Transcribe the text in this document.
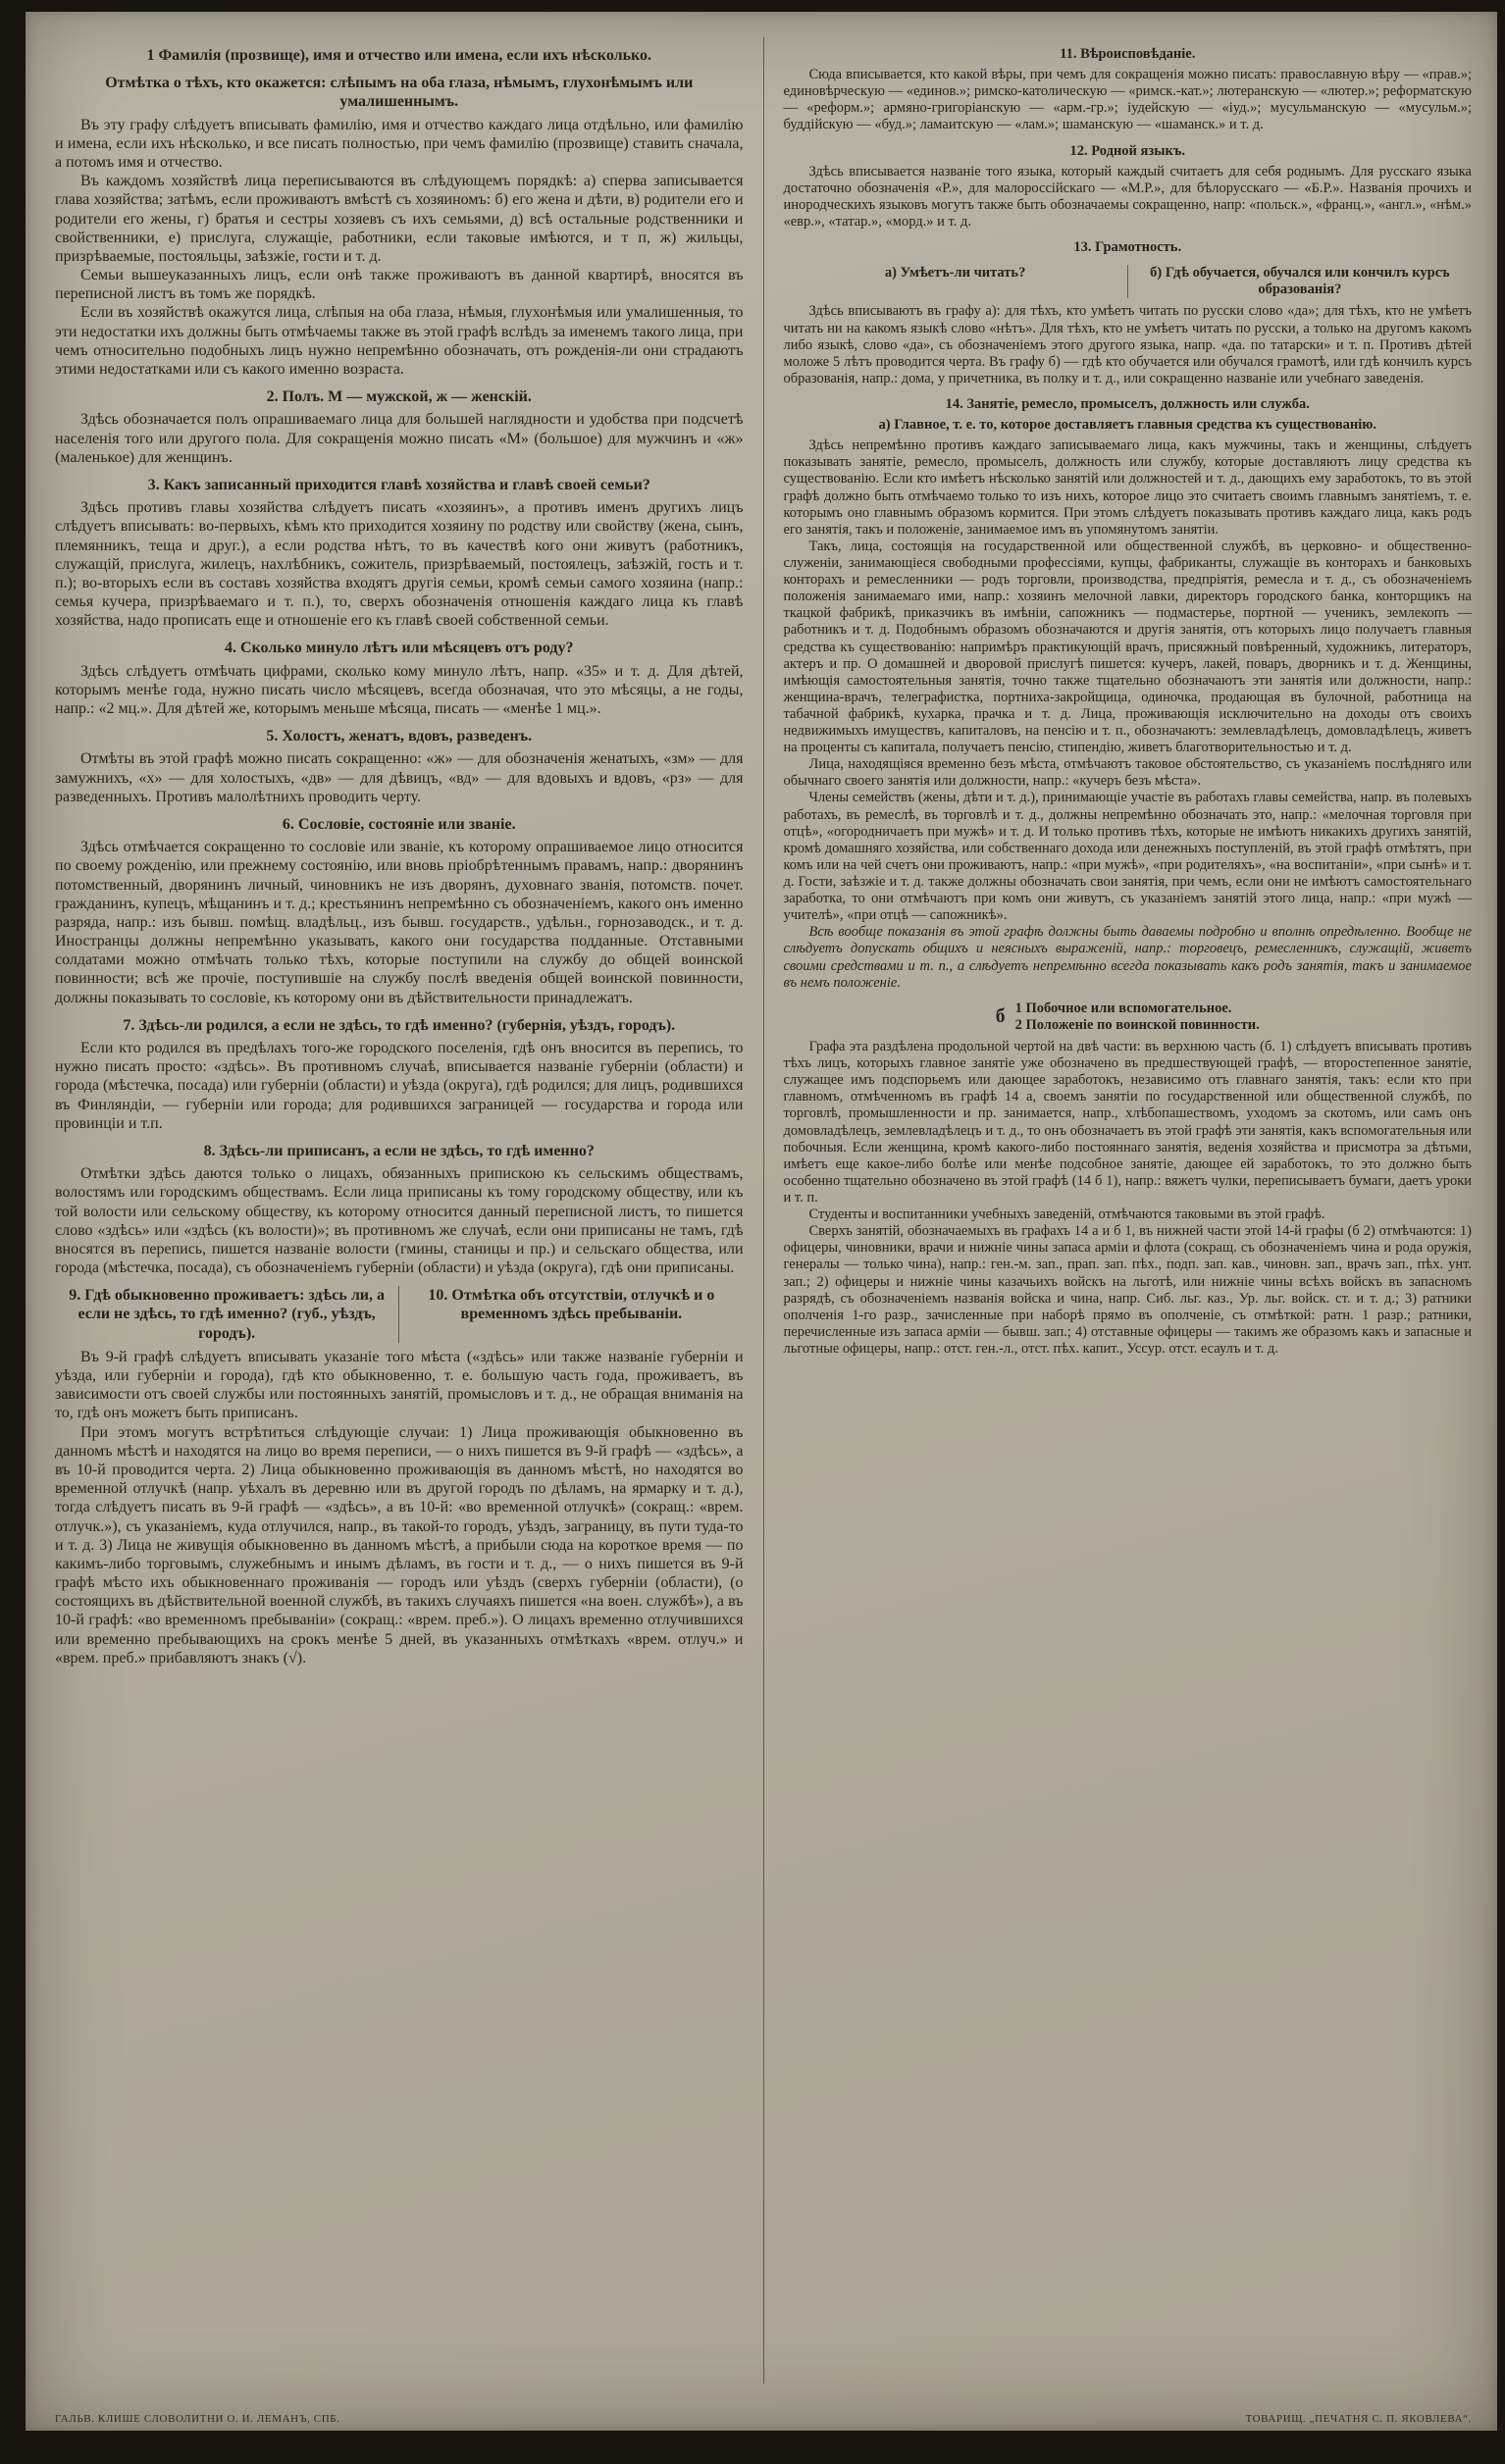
1 Фамилія (прозвище), имя и отчество или имена, если ихъ нѣсколько.
Отмѣтка о тѣхъ, кто окажется: слѣпымъ на оба глаза, нѣмымъ, глухонѣмымъ или умалишеннымъ.

Въ эту графу слѣдуетъ вписывать фамилію, имя и отчество каждаго лица отдѣльно, или фамилію и имена, если ихъ нѣсколько, и все писать полностью, при чемъ фамилію (прозвище) ставить сначала, а потомъ имя и отчество.

Въ каждомъ хозяйствѣ лица переписываются въ слѣдующемъ порядкѣ: а) сперва записывается глава хозяйства; затѣмъ, если проживаютъ вмѣстѣ съ хозяиномъ: б) его жена и дѣти, в) родители его и родители его жены, г) братья и сестры хозяевъ съ ихъ семьями, д) всѣ остальные родственники и свойственники, е) прислуга, служащіе, работники, если таковые имѣются, и т п, ж) жильцы, призрѣваемые, постояльцы, заѣзжіе, гости и т. д.

Семьи вышеуказанныхъ лицъ, если онѣ также проживаютъ въ данной квартирѣ, вносятся въ переписной листъ въ томъ же порядкѣ.

Если въ хозяйствѣ окажутся лица, слѣпыя на оба глаза, нѣмыя, глухонѣмыя или умалишенныя, то эти недостатки ихъ должны быть отмѣчаемы также въ этой графѣ вслѣдъ за именемъ такого лица, при чемъ относительно подобныхъ лицъ нужно непремѣнно обозначать, отъ рожденія-ли они страдаютъ этими недостатками или съ какого именно возраста.

2. Полъ. М — мужской, ж — женскій.

Здѣсь обозначается полъ опрашиваемаго лица для большей наглядности и удобства при подсчетѣ населенія того или другого пола. Для сокращенія можно писать «М» (большое) для мужчинъ и «ж» (маленькое) для женщинъ.

3. Какъ записанный приходится главѣ хозяйства и главѣ своей семьи?

Здѣсь противъ главы хозяйства слѣдуетъ писать «хозяинъ», а противъ именъ другихъ лицъ слѣдуетъ вписывать: во-первыхъ, кѣмъ кто приходится хозяину по родству или свойству (жена, сынъ, племянникъ, теща и друг.), а если родства нѣтъ, то въ качествѣ кого они живутъ (работникъ, служащій, прислуга, жилецъ, нахлѣбникъ, сожитель, призрѣваемый, постоялецъ, заѣзжій, гость и т. п.); во-вторыхъ если въ составъ хозяйства входятъ другія семьи, кромѣ семьи самого хозяина (напр.: семья кучера, призрѣваемаго и т. п.), то, сверхъ обозначенія отношенія каждаго лица къ главѣ хозяйства, надо прописать еще и отношеніе его къ главѣ своей собственной семьи.

4. Сколько минуло лѣтъ или мѣсяцевъ отъ роду?

Здѣсь слѣдуетъ отмѣчать цифрами, сколько кому минуло лѣтъ, напр. «35» и т. д. Для дѣтей, которымъ менѣе года, нужно писать число мѣсяцевъ, всегда обозначая, что это мѣсяцы, а не годы, напр.: «2 мц.». Для дѣтей же, которымъ меньше мѣсяца, писать — «менѣе 1 мц.».

5. Холостъ, женатъ, вдовъ, разведенъ.

Отмѣты въ этой графѣ можно писать сокращенно: «ж» — для обозначенія женатыхъ, «зм» — для замужнихъ, «х» — для холостыхъ, «дв» — для дѣвицъ, «вд» — для вдовыхъ и вдовъ, «рз» — для разведенныхъ. Противъ малолѣтнихъ проводить черту.

6. Сословіе, состояніе или званіе.

Здѣсь отмѣчается сокращенно то сословіе или званіе, къ которому опрашиваемое лицо относится по своему рожденію, или прежнему состоянію, или вновь пріобрѣтеннымъ правамъ, напр.: дворянинъ потомственный, дворянинъ личный, чиновникъ не изъ дворянъ, духовнаго званія, потомств. почет. гражданинъ, купецъ, мѣщанинъ и т. д.; крестьянинъ непремѣнно съ обозначеніемъ, какого онъ именно разряда, напр.: изъ бывш. помѣщ. владѣльц., изъ бывш. государств., удѣльн., горнозаводск., и т. д. Иностранцы должны непремѣнно указывать, какого они государства подданные. Отставными солдатами можно отмѣчать только тѣхъ, которые поступили на службу до общей воинской повинности; всѣ же прочіе, поступившіе на службу послѣ введенія общей воинской повинности, должны показывать то сословіе, къ которому они въ дѣйствительности принадлежатъ.

7. Здѣсь-ли родился, а если не здѣсь, то гдѣ именно? (губернія, уѣздъ, городъ).

Если кто родился въ предѣлахъ того-же городского поселенія, гдѣ онъ вносится въ перепись, то нужно писать просто: «здѣсь». Въ противномъ случаѣ, вписывается названіе губерніи (области) и города (мѣстечка, посада) или губерніи (области) и уѣзда (округа), гдѣ родился; для лицъ, родившихся въ Финляндіи, — губерніи или города; для родившихся заграницей — государства и города или провинціи и т.п.

8. Здѣсь-ли приписанъ, а если не здѣсь, то гдѣ именно?

Отмѣтки здѣсь даются только о лицахъ, обязанныхъ припискою къ сельскимъ обществамъ, волостямъ или городскимъ обществамъ. Если лица приписаны къ тому городскому обществу, или къ той волости или сельскому обществу, къ которому относится данный переписной листъ, то пишется слово «здѣсь» или «здѣсь (къ волости)»; въ противномъ же случаѣ, если они приписаны не тамъ, гдѣ вносятся въ перепись, пишется названіе волости (гмины, станицы и пр.) и сельскаго общества, или города (мѣстечка, посада), съ обозначеніемъ губерніи (области) и уѣзда (округа), гдѣ они приписаны.

9. Гдѣ обыкновенно проживаетъ: здѣсь ли, а если не здѣсь, то гдѣ именно? (губ., уѣздъ, городъ).
10. Отмѣтка объ отсутствіи, отлучкѣ и о временномъ здѣсь пребываніи.

Въ 9-й графѣ слѣдуетъ вписывать указаніе того мѣста («здѣсь» или также названіе губерніи и уѣзда, или губерніи и города), гдѣ кто обыкновенно, т. е. большую часть года, проживаетъ, въ зависимости отъ своей службы или постоянныхъ занятій, промысловъ и т. д., не обращая вниманія на то, гдѣ онъ можетъ быть приписанъ.

При этомъ могутъ встрѣтиться слѣдующіе случаи: 1) Лица проживающія обыкновенно въ данномъ мѣстѣ и находятся на лицо во время переписи, — о нихъ пишется въ 9-й графѣ — «здѣсь», а въ 10-й проводится черта. 2) Лица обыкновенно проживающія въ данномъ мѣстѣ, но находятся во временной отлучкѣ (напр. уѣхалъ въ деревню или въ другой городъ по дѣламъ, на ярмарку и т. д.), тогда слѣдуетъ писать въ 9-й графѣ — «здѣсь», а въ 10-й: «во временной отлучкѣ» (сокращ.: «врем. отлучк.»), съ указаніемъ, куда отлучился, напр., въ такой-то городъ, уѣздъ, заграницу, въ пути туда-то и т. д. 3) Лица не живущія обыкновенно въ данномъ мѣстѣ, а прибыли сюда на короткое время — по какимъ-либо торговымъ, служебнымъ и инымъ дѣламъ, въ гости и т. д., — о нихъ пишется въ 9-й графѣ мѣсто ихъ обыкновеннаго проживанія — городъ или уѣздъ (сверхъ губерніи (области), (о состоящихъ въ дѣйствительной военной службѣ, въ такихъ случаяхъ пишется «на воен. службѣ»), а въ 10-й графѣ: «во временномъ пребываніи» (сокращ.: «врем. преб.»). О лицахъ временно отлучившихся или временно пребывающихъ на срокъ менѣе 5 дней, въ указанныхъ отмѣткахъ «врем. отлуч.» и «врем. преб.» прибавляютъ знакъ (√).

11. Вѣроисповѣданіе.

Сюда вписывается, кто какой вѣры, при чемъ для сокращенія можно писать: православную вѣру — «прав.»; единовѣрческую — «единов.»; римско-католическую — «римск.-кат.»; лютеранскую — «лютер.»; реформатскую — «реформ.»; армяно-григоріанскую — «арм.-гр.»; іудейскую — «іуд.»; мусульманскую — «мусульм.»; буддійскую — «буд.»; ламаитскую — «лам.»; шаманскую — «шаманск.» и т. д.

12. Родной языкъ.

Здѣсь вписывается названіе того языка, который каждый считаетъ для себя роднымъ. Для русскаго языка достаточно обозначенія «Р.», для малороссійскаго — «М.Р.», для бѣлорусскаго — «Б.Р.». Названія прочихъ и инородческихъ языковъ могутъ также быть обозначаемы сокращенно, напр: «польск.», «франц.», «англ.», «нѣм.» «евр.», «татар.», «морд.» и т. д.

13. Грамотность.
а) Умѣетъ-ли читать?	б) Гдѣ обучается, обучался или кончилъ курсъ образованія?

Здѣсь вписываютъ въ графу а): для тѣхъ, кто умѣетъ читать по русски слово «да»; для тѣхъ, кто не умѣетъ читать ни на какомъ языкѣ слово «нѣтъ». Для тѣхъ, кто не умѣетъ читать по русски, а только на другомъ какомъ либо языкѣ, слово «да», съ обозначеніемъ этого другого языка, напр. «да. по татарски» и т. п. Противъ дѣтей моложе 5 лѣтъ проводится черта. Въ графу б) — гдѣ кто обучается или обучался грамотѣ, или гдѣ кончилъ курсъ образованія, напр.: дома, у причетника, въ полку и т. д., или сокращенно названіе или учебнаго заведенія.

14. Занятіе, ремесло, промыселъ, должность или служба.
а) Главное, т. е. то, которое доставляетъ главныя средства къ существованію.

Здѣсь непремѣнно противъ каждаго записываемаго лица, какъ мужчины, такъ и женщины, слѣдуетъ показывать занятіе, ремесло, промыселъ, должность или службу, которые доставляютъ лицу средства къ существованію. Если кто имѣетъ нѣсколько занятій или должностей и т. д., дающихъ ему заработокъ, то въ этой графѣ должно быть отмѣчаемо только то изъ нихъ, которое лицо это считаетъ своимъ главнымъ занятіемъ, т. е. которымъ оно главнымъ образомъ кормится. При этомъ слѣдуетъ показывать противъ каждаго лица, какъ родъ его занятія, такъ и положеніе, занимаемое имъ въ упомянутомъ занятіи.

Такъ, лица, состоящія на государственной или общественной службѣ, въ церковно- и общественно-служеніи, занимающіеся свободными профессіями, купцы, фабриканты, служащіе въ конторахъ и банковыхъ конторахъ и ремесленники — родъ торговли, производства, предпріятія, ремесла и т. д., съ обозначеніемъ положенія занимаемаго ими, напр.: хозяинъ мелочной лавки, директоръ городского банка, конторщикъ на ткацкой фабрикѣ, приказчикъ въ имѣніи, сапожникъ — подмастерье, портной — ученикъ, землекопъ — работникъ и т. д. Подобнымъ образомъ обозначаются и другія занятія, отъ которыхъ лицо получаетъ главныя средства къ существованію: напримѣръ практикующій врачъ, присяжный повѣренный, художникъ, литераторъ, актеръ и пр. О домашней и дворовой прислугѣ пишется: кучеръ, лакей, поваръ, дворникъ и т. д. Женщины, имѣющія самостоятельныя занятія, точно также тщательно обозначаютъ эти занятія или должности, напр.: женщина-врачъ, телеграфистка, портниха-закройщица, одиночка, продающая въ булочной, работница на табачной фабрикѣ, кухарка, прачка и т. д. Лица, проживающія исключительно на доходы отъ своихъ недвижимыхъ имуществъ, капиталовъ, на пенсію и т. п., обозначаютъ: землевладѣлецъ, домовладѣлецъ, живетъ на проценты съ капитала, получаетъ пенсію, стипендію, живетъ благотворительностью и т. д.

Лица, находящіяся временно безъ мѣста, отмѣчаютъ таковое обстоятельство, съ указаніемъ послѣдняго или обычнаго своего занятія или должности, напр.: «кучеръ безъ мѣста».

Члены семействъ (жены, дѣти и т. д.), принимающіе участіе въ работахъ главы семейства, напр. въ полевыхъ работахъ, въ ремеслѣ, въ торговлѣ и т. д., должны непремѣнно обозначать это, напр.: «мелочная торговля при отцѣ», «огородничаетъ при мужѣ» и т. д. И только противъ тѣхъ, которые не имѣютъ никакихъ другихъ занятій, кромѣ домашняго хозяйства, или собственнаго дохода или денежныхъ поступленій, въ этой графѣ отмѣтятъ, при комъ или на чей счетъ они проживаютъ, напр.: «при мужѣ», «при родителяхъ», «на воспитаніи», «при сынѣ» и т. д. Гости, заѣзжіе и т. д. также должны обозначать свои занятія, при чемъ, если они не имѣютъ самостоятельнаго заработка, то они отмѣчаютъ при комъ они живутъ, съ указаніемъ занятій этого лица, напр.: «при мужѣ — учителѣ», «при отцѣ — сапожникѣ».

Всѣ вообще показанія въ этой графѣ должны быть даваемы подробно и вполнѣ опредѣленно. Вообще не слѣдуетъ допускать общихъ и неясныхъ выраженій, напр.: торговецъ, ремесленникъ, служащій, живетъ своими средствами и т. п., а слѣдуетъ непремѣнно всегда показывать какъ родъ занятія, такъ и занимаемое въ немъ положеніе.

б 1 Побочное или вспомогательное.
2 Положеніе по воинской повинности.

Графа эта раздѣлена продольной чертой на двѣ части: въ верхнюю часть (б. 1) слѣдуетъ вписывать противъ тѣхъ лицъ, которыхъ главное занятіе уже обозначено въ предшествующей графѣ, — второстепенное занятіе, служащее имъ подспорьемъ или дающее заработокъ, независимо отъ главнаго занятія, такъ: если кто при главномъ, отмѣченномъ въ графѣ 14 а, своемъ занятіи по государственной или общественной службѣ, по торговлѣ, промышленности и пр. занимается, напр., хлѣбопашествомъ, уходомъ за скотомъ, или самъ онъ домовладѣлецъ, землевладѣлецъ и т. д., то онъ обозначаетъ въ этой графѣ эти занятія, какъ вспомогательныя или побочныя. Если женщина, кромѣ какого-либо постояннаго занятія, веденія хозяйства и присмотра за дѣтьми, имѣетъ еще какое-либо болѣе или менѣе подсобное занятіе, дающее ей заработокъ, то это должно быть особенно тщательно обозначено въ этой графѣ (14 б 1), напр.: вяжетъ чулки, переписываетъ бумаги, даетъ уроки и т. п.

Студенты и воспитанники учебныхъ заведеній, отмѣчаются таковыми въ этой графѣ.

Сверхъ занятій, обозначаемыхъ въ графахъ 14 а и б 1, въ нижней части этой 14-й графы (б 2) отмѣчаются: 1) офицеры, чиновники, врачи и нижніе чины запаса арміи и флота (сокращ. съ обозначеніемъ чина и рода оружія, генералы — только чина), напр.: ген.-м. зап., прап. зап. пѣх., подп. зап. кав., чиновн. зап., врачъ зап., пѣх. унт. зап.; 2) офицеры и нижніе чины казачьихъ войскъ на льготѣ, или нижніе чины всѣхъ войскъ въ запасномъ разрядѣ, съ обозначеніемъ названія войска и чина, напр. Сиб. льг. каз., Ур. льг. войск. ст. и т. д.; 3) ратники ополченія 1-го разр., зачисленные при наборѣ прямо въ ополченіе, съ отмѣткой: ратн. 1 разр.; ратники, перечисленные изъ запаса арміи — бывш. зап.; 4) отставные офицеры — такимъ же образомъ какъ и запасные и льготные офицеры, напр.: отст. ген.-л., отст. пѣх. капит., Уссур. отст. есаулъ и т. д.

ГАЛЬВ. КЛИШЕ СЛОВОЛИТНИ О. И. ЛЕМАНЪ, СПБ.	ТОВАРИЩ. „ПЕЧАТНЯ С. П. ЯКОВЛЕВА“.
